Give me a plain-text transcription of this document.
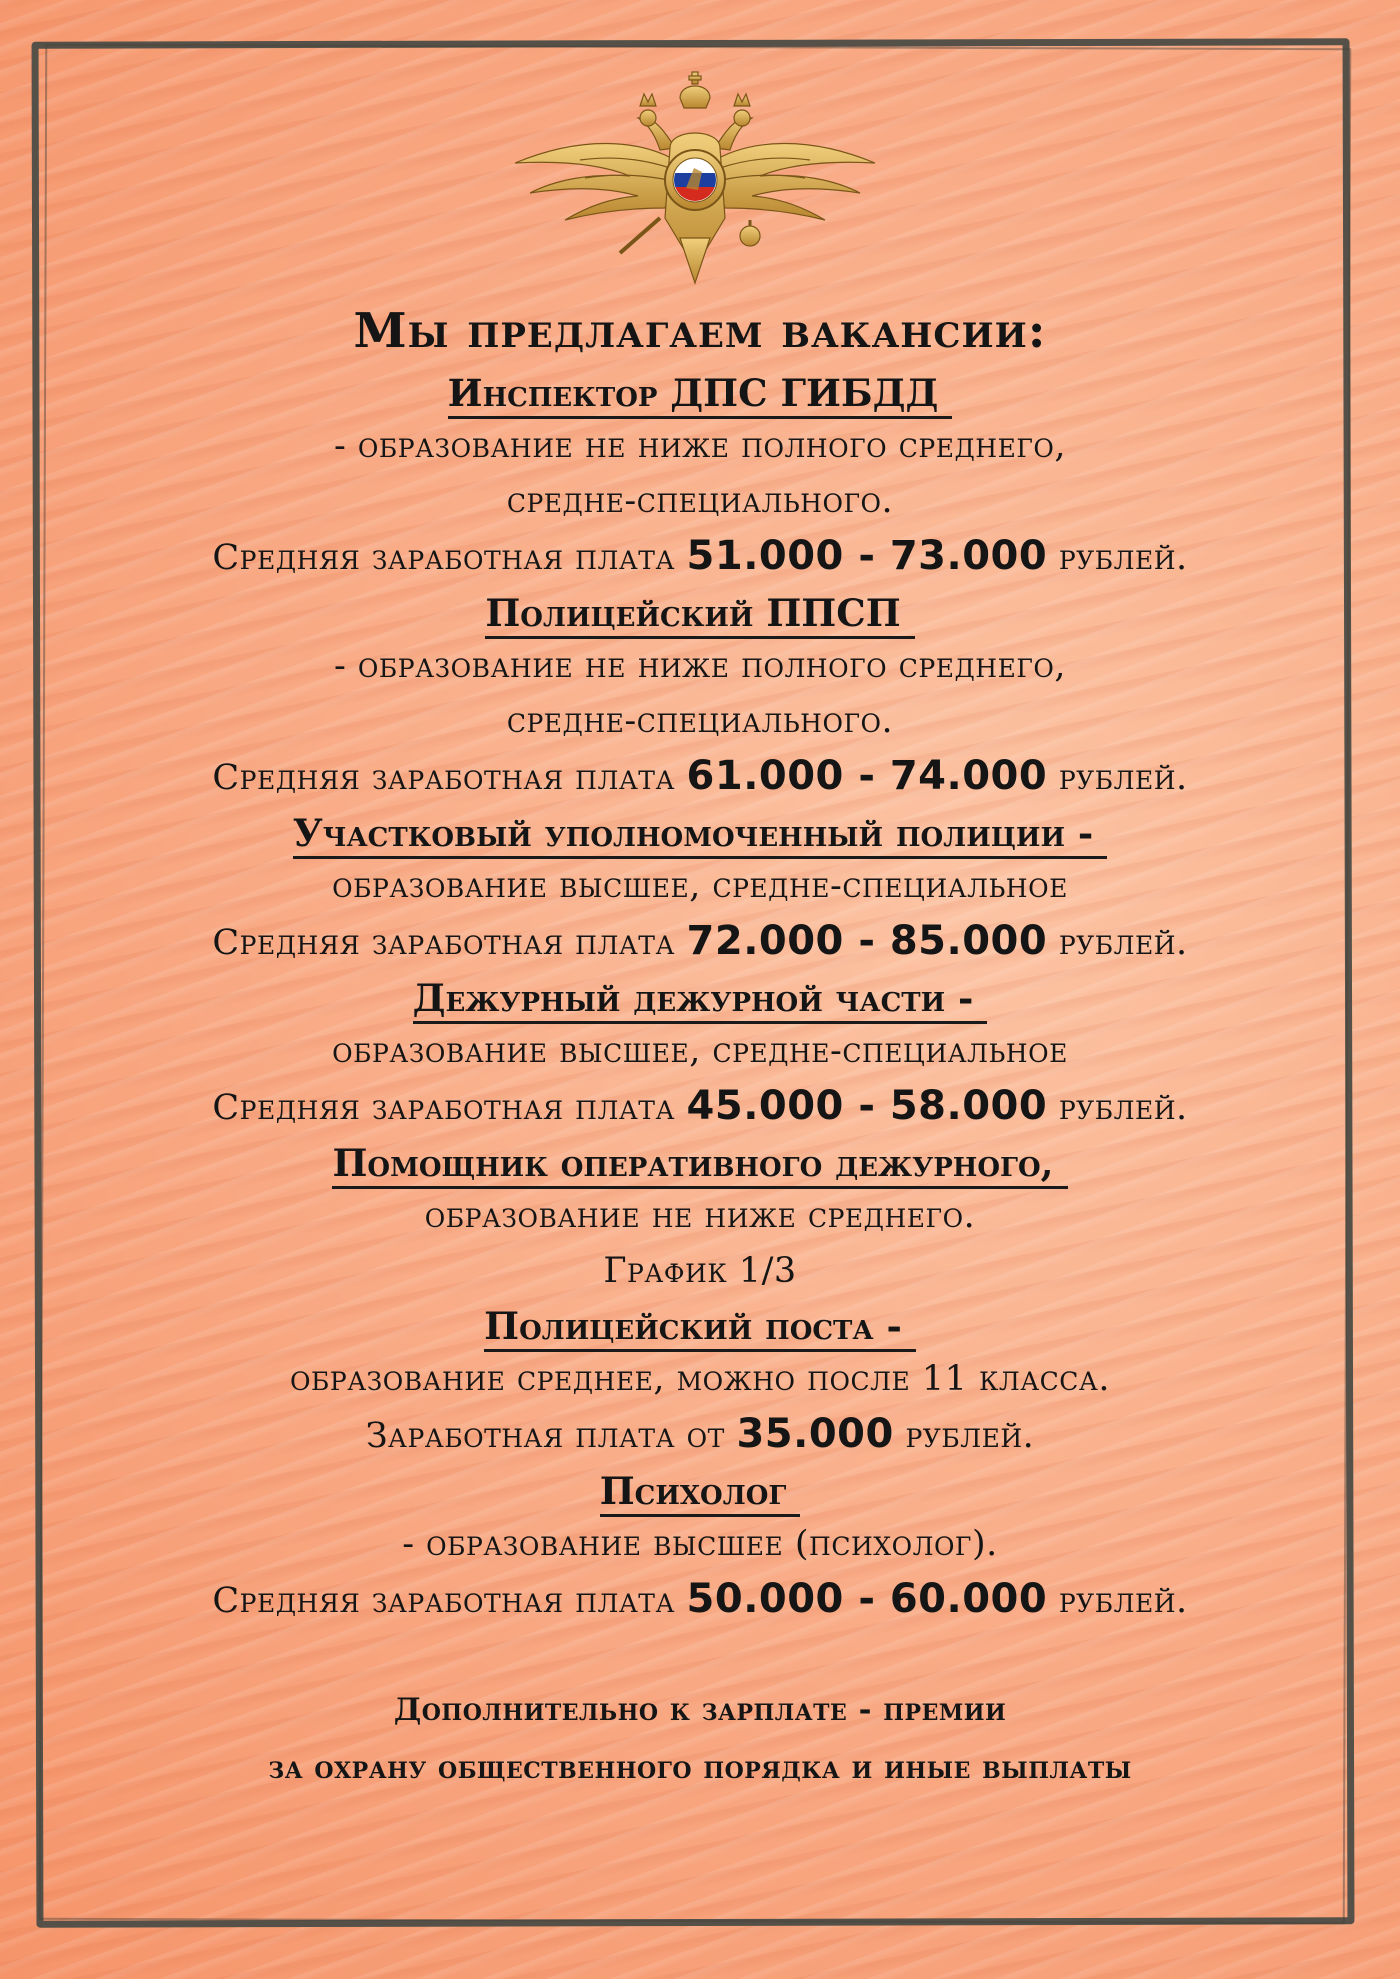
Мы предлагаем вакансии:
Инспектор ДПС ГИБДД
- образование не ниже полного среднего,
средне-специального.
Средняя заработная плата 51.000 - 73.000 рублей.
Полицейский ППСП
- образование не ниже полного среднего,
средне-специального.
Средняя заработная плата 61.000 - 74.000 рублей.
Участковый уполномоченный полиции -
образование высшее, средне-специальное
Средняя заработная плата 72.000 - 85.000 рублей.
Дежурный дежурной части -
образование высшее, средне-специальное
Средняя заработная плата 45.000 - 58.000 рублей.
Помощник оперативного дежурного,
образование не ниже среднего.
График 1/3
Полицейский поста -
образование среднее, можно после 11 класса.
Заработная плата от 35.000 рублей.
Психолог
- образование высшее (психолог).
Средняя заработная плата 50.000 - 60.000 рублей.
Дополнительно к зарплате - премии
за охрану общественного порядка и иные выплаты
